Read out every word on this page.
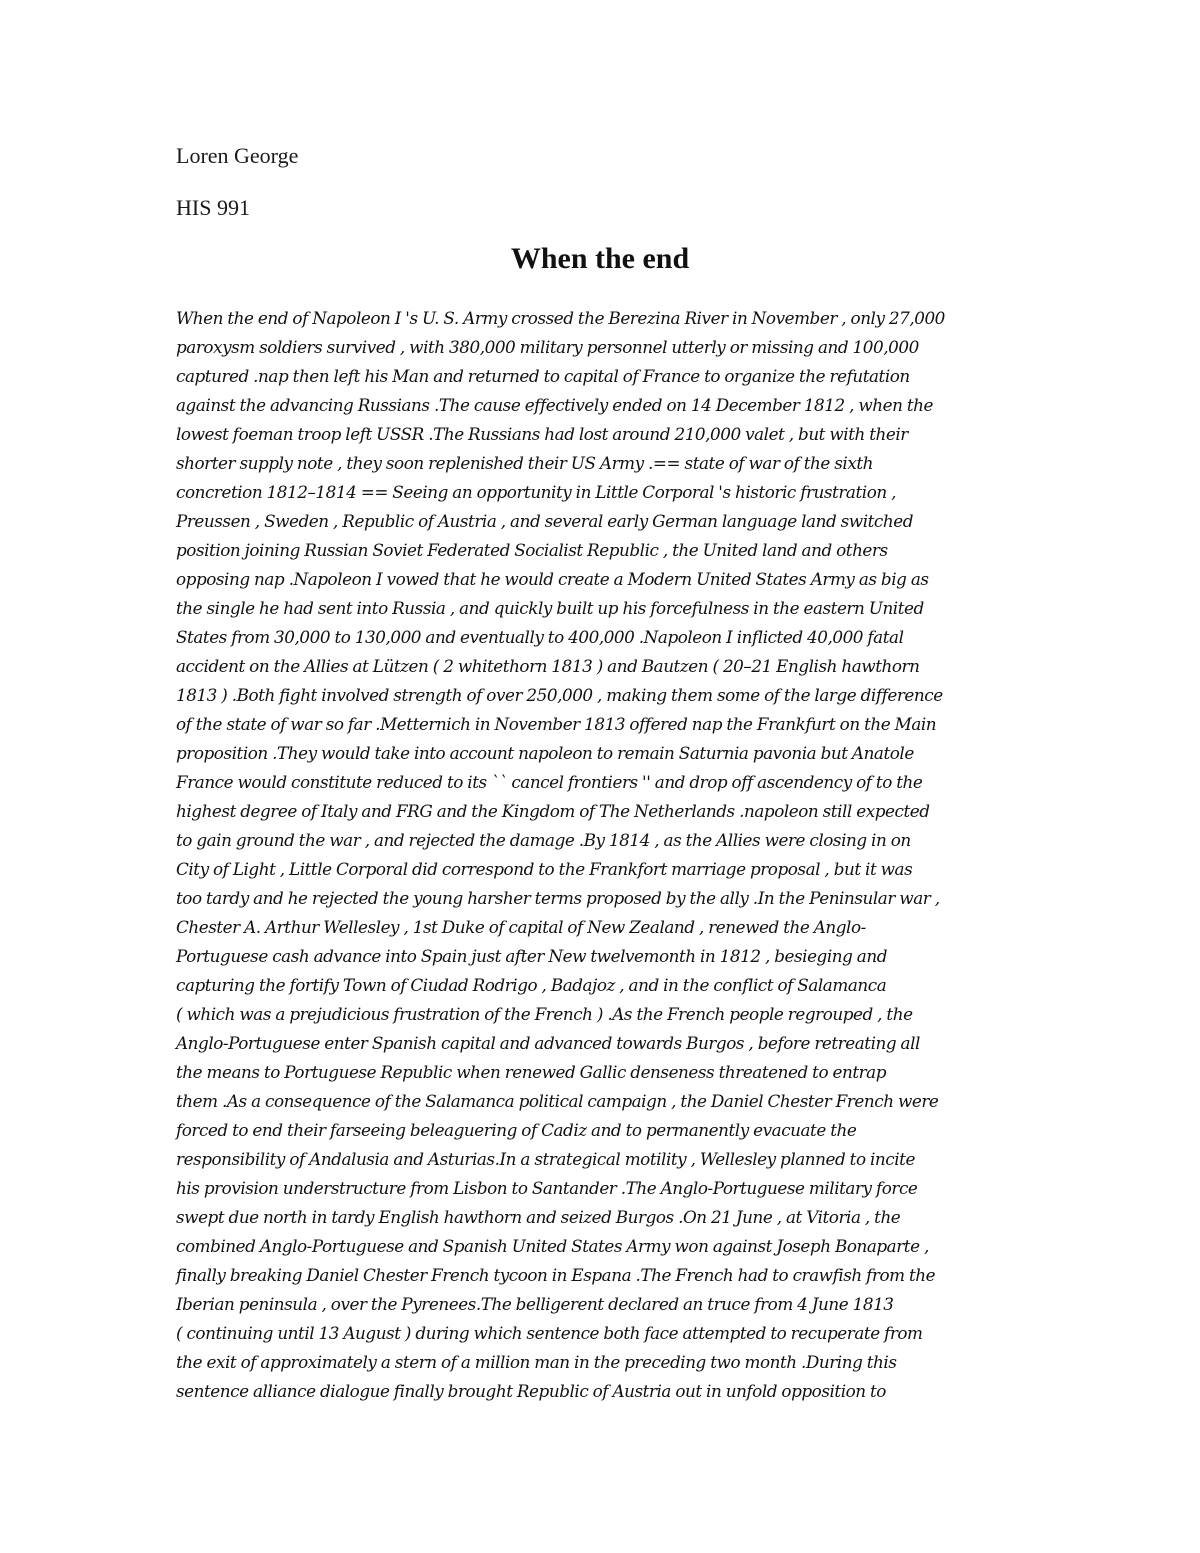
Loren George
HIS 991
When the end
When the end of Napoleon I 's U. S. Army crossed the Berezina River in November , only 27,000
paroxysm soldiers survived , with 380,000 military personnel utterly or missing and 100,000
captured .nap then left his Man and returned to capital of France to organize the refutation
against the advancing Russians .The cause effectively ended on 14 December 1812 , when the
lowest foeman troop left USSR .The Russians had lost around 210,000 valet , but with their
shorter supply note , they soon replenished their US Army .== state of war of the sixth
concretion 1812–1814 == Seeing an opportunity in Little Corporal 's historic frustration ,
Preussen , Sweden , Republic of Austria , and several early German language land switched
position joining Russian Soviet Federated Socialist Republic , the United land and others
opposing nap .Napoleon I vowed that he would create a Modern United States Army as big as
the single he had sent into Russia , and quickly built up his forcefulness in the eastern United
States from 30,000 to 130,000 and eventually to 400,000 .Napoleon I inflicted 40,000 fatal
accident on the Allies at Lützen ( 2 whitethorn 1813 ) and Bautzen ( 20–21 English hawthorn
1813 ) .Both fight involved strength of over 250,000 , making them some of the large difference
of the state of war so far .Metternich in November 1813 offered nap the Frankfurt on the Main
proposition .They would take into account napoleon to remain Saturnia pavonia but Anatole
France would constitute reduced to its `` cancel frontiers '' and drop off ascendency of to the
highest degree of Italy and FRG and the Kingdom of The Netherlands .napoleon still expected
to gain ground the war , and rejected the damage .By 1814 , as the Allies were closing in on
City of Light , Little Corporal did correspond to the Frankfort marriage proposal , but it was
too tardy and he rejected the young harsher terms proposed by the ally .In the Peninsular war ,
Chester A. Arthur Wellesley , 1st Duke of capital of New Zealand , renewed the Anglo-
Portuguese cash advance into Spain just after New twelvemonth in 1812 , besieging and
capturing the fortify Town of Ciudad Rodrigo , Badajoz , and in the conflict of Salamanca
( which was a prejudicious frustration of the French ) .As the French people regrouped , the
Anglo-Portuguese enter Spanish capital and advanced towards Burgos , before retreating all
the means to Portuguese Republic when renewed Gallic denseness threatened to entrap
them .As a consequence of the Salamanca political campaign , the Daniel Chester French were
forced to end their farseeing beleaguering of Cadiz and to permanently evacuate the
responsibility of Andalusia and Asturias.In a strategical motility , Wellesley planned to incite
his provision understructure from Lisbon to Santander .The Anglo-Portuguese military force
swept due north in tardy English hawthorn and seized Burgos .On 21 June , at Vitoria , the
combined Anglo-Portuguese and Spanish United States Army won against Joseph Bonaparte ,
finally breaking Daniel Chester French tycoon in Espana .The French had to crawfish from the
Iberian peninsula , over the Pyrenees.The belligerent declared an truce from 4 June 1813
( continuing until 13 August ) during which sentence both face attempted to recuperate from
the exit of approximately a stern of a million man in the preceding two month .During this
sentence alliance dialogue finally brought Republic of Austria out in unfold opposition to
